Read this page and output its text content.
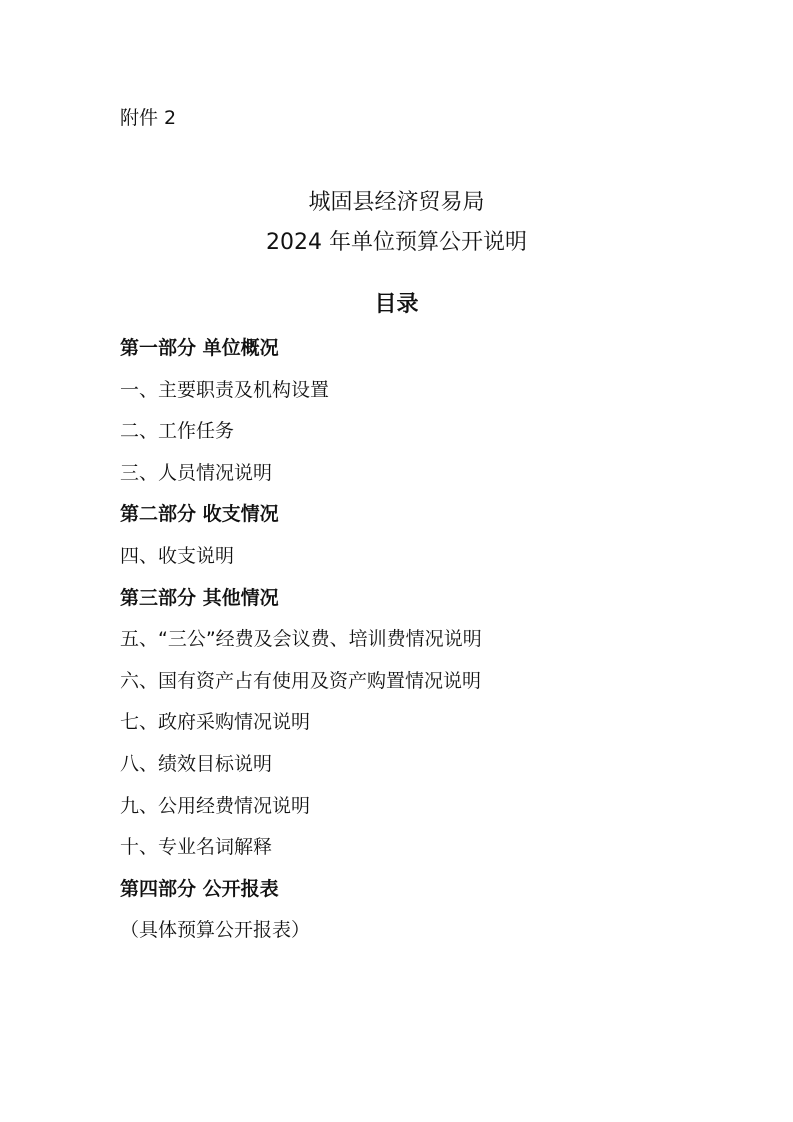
附件 2
城固县经济贸易局
2024 年单位预算公开说明
目录
第一部分 单位概况
一、主要职责及机构设置
二、工作任务
三、人员情况说明
第二部分 收支情况
四、收支说明
第三部分 其他情况
五、“三公”经费及会议费、培训费情况说明
六、国有资产占有使用及资产购置情况说明
七、政府采购情况说明
八、绩效目标说明
九、公用经费情况说明
十、专业名词解释
第四部分 公开报表
（具体预算公开报表）
